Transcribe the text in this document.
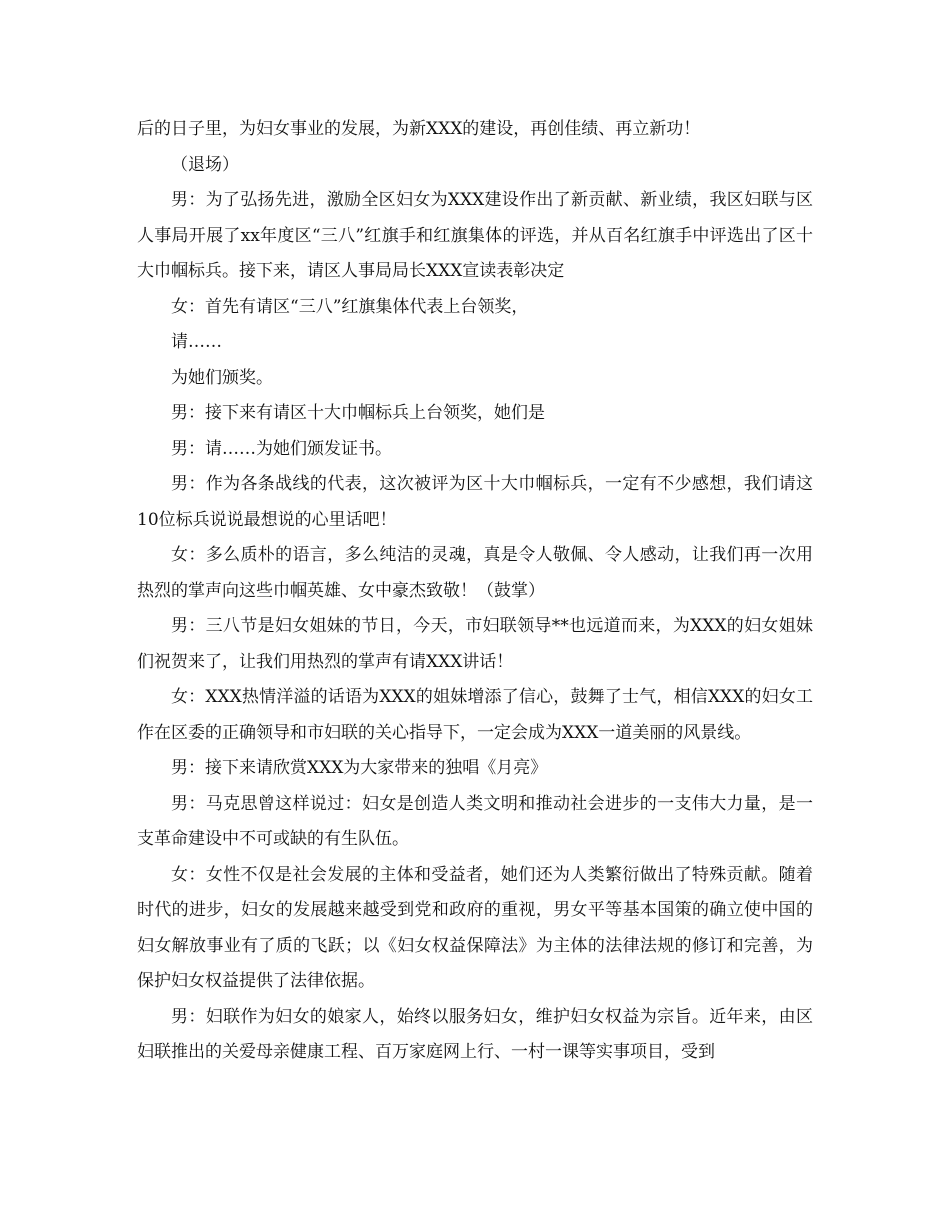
后的日子里，为妇女事业的发展，为新XXX的建设，再创佳绩、再立新功！

（退场）

男：为了弘扬先进，激励全区妇女为XXX建设作出了新贡献、新业绩，我区妇联与区人事局开展了xx年度区“三八”红旗手和红旗集体的评选，并从百名红旗手中评选出了区十大巾帼标兵。接下来，请区人事局局长XXX宣读表彰决定

女：首先有请区“三八”红旗集体代表上台领奖，

请……

为她们颁奖。

男：接下来有请区十大巾帼标兵上台领奖，她们是

男：请……为她们颁发证书。

男：作为各条战线的代表，这次被评为区十大巾帼标兵，一定有不少感想，我们请这10位标兵说说最想说的心里话吧！

女：多么质朴的语言，多么纯洁的灵魂，真是令人敬佩、令人感动，让我们再一次用热烈的掌声向这些巾帼英雄、女中豪杰致敬！（鼓掌）

男：三八节是妇女姐妹的节日，今天，市妇联领导**也远道而来，为XXX的妇女姐妹们祝贺来了，让我们用热烈的掌声有请XXX讲话！

女：XXX热情洋溢的话语为XXX的姐妹增添了信心，鼓舞了士气，相信XXX的妇女工作在区委的正确领导和市妇联的关心指导下，一定会成为XXX一道美丽的风景线。

男：接下来请欣赏XXX为大家带来的独唱《月亮》

男：马克思曾这样说过：妇女是创造人类文明和推动社会进步的一支伟大力量，是一支革命建设中不可或缺的有生队伍。

女：女性不仅是社会发展的主体和受益者，她们还为人类繁衍做出了特殊贡献。随着时代的进步，妇女的发展越来越受到党和政府的重视，男女平等基本国策的确立使中国的妇女解放事业有了质的飞跃；以《妇女权益保障法》为主体的法律法规的修订和完善，为保护妇女权益提供了法律依据。

男：妇联作为妇女的娘家人，始终以服务妇女，维护妇女权益为宗旨。近年来，由区妇联推出的关爱母亲健康工程、百万家庭网上行、一村一课等实事项目，受到
